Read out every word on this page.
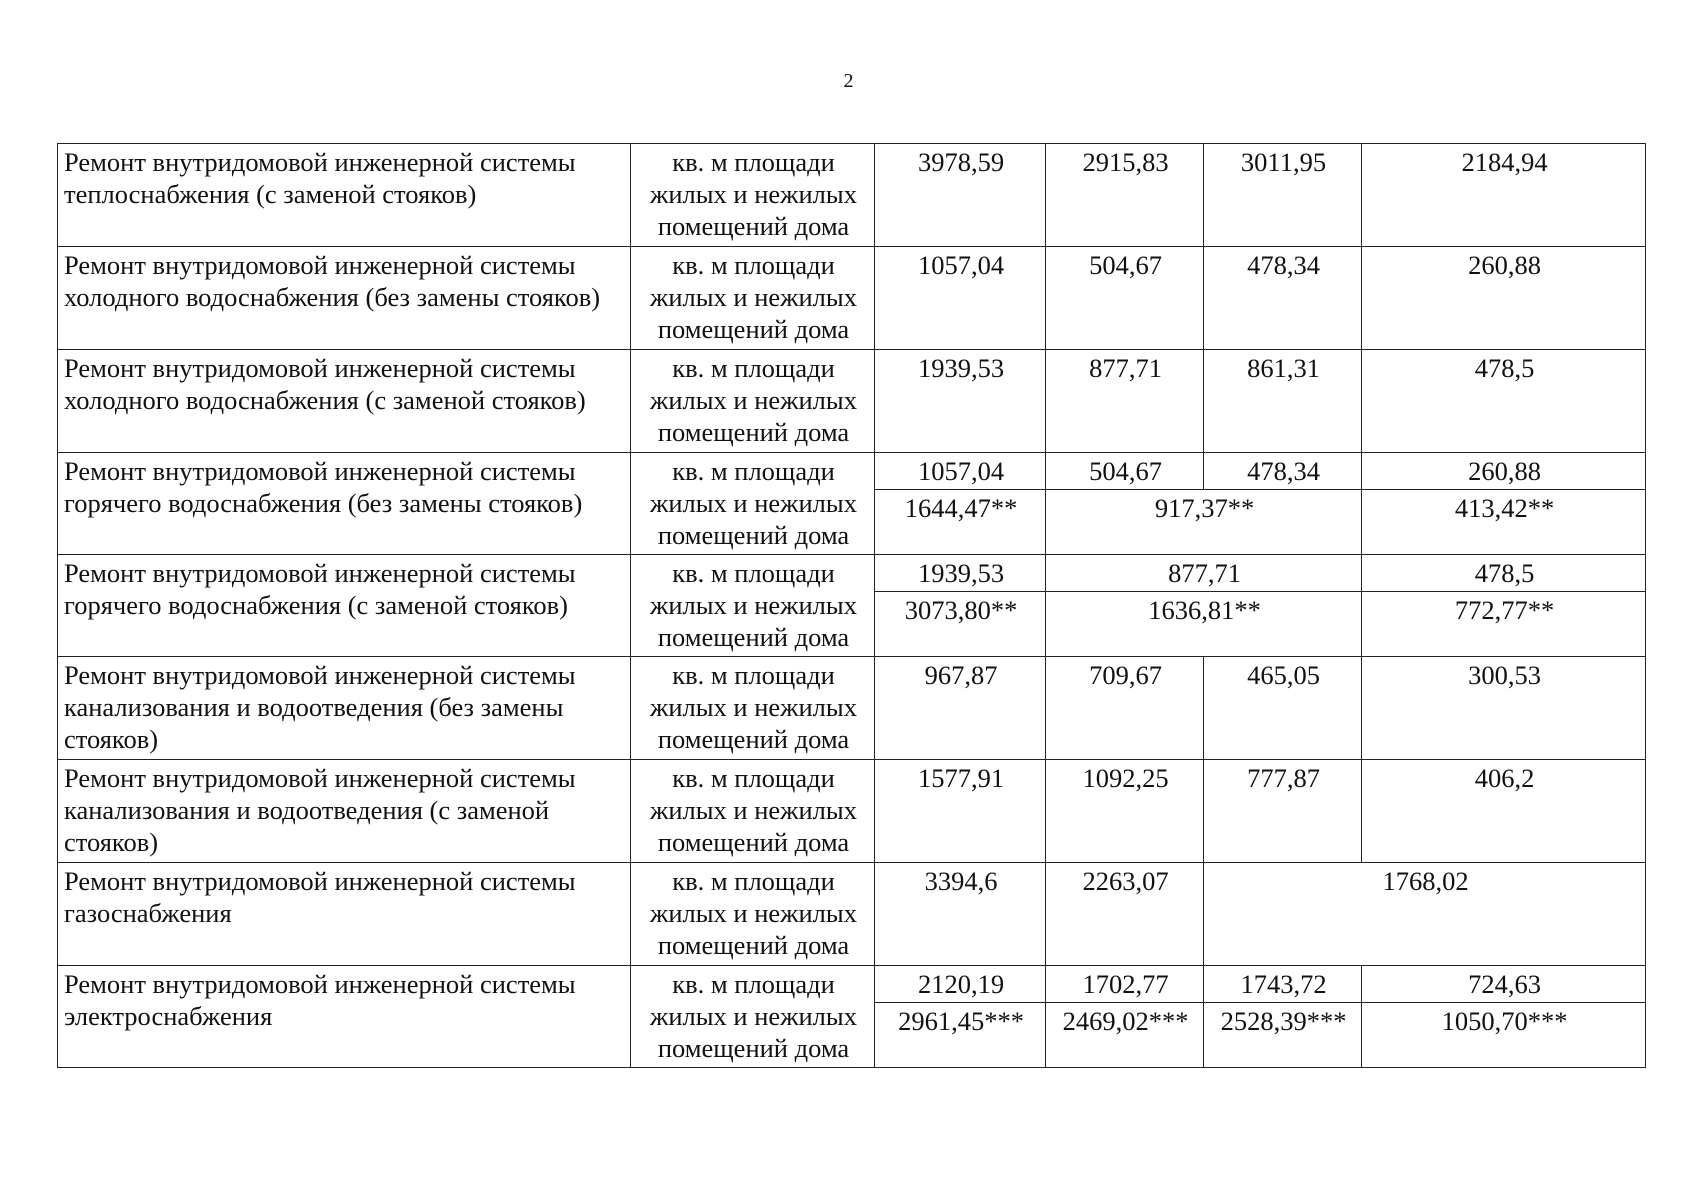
2
Ремонт внутридомовой инженерной системы теплоснабжения (с заменой стояков)	кв. м площади жилых и нежилых помещений дома	3978,59	2915,83	3011,95	2184,94
Ремонт внутридомовой инженерной системы холодного водоснабжения (без замены стояков)	кв. м площади жилых и нежилых помещений дома	1057,04	504,67	478,34	260,88
Ремонт внутридомовой инженерной системы холодного водоснабжения (с заменой стояков)	кв. м площади жилых и нежилых помещений дома	1939,53	877,71	861,31	478,5
Ремонт внутридомовой инженерной системы горячего водоснабжения (без замены стояков)	кв. м площади жилых и нежилых помещений дома	1057,04	504,67	478,34	260,88
		1644,47**	917,37**		413,42**
Ремонт внутридомовой инженерной системы горячего водоснабжения (с заменой стояков)	кв. м площади жилых и нежилых помещений дома	1939,53	877,71		478,5
		3073,80**	1636,81**		772,77**
Ремонт внутридомовой инженерной системы канализования и водоотведения (без замены стояков)	кв. м площади жилых и нежилых помещений дома	967,87	709,67	465,05	300,53
Ремонт внутридомовой инженерной системы канализования и водоотведения (с заменой стояков)	кв. м площади жилых и нежилых помещений дома	1577,91	1092,25	777,87	406,2
Ремонт внутридомовой инженерной системы газоснабжения	кв. м площади жилых и нежилых помещений дома	3394,6	2263,07	1768,02	
Ремонт внутридомовой инженерной системы электроснабжения	кв. м площади жилых и нежилых помещений дома	2120,19	1702,77	1743,72	724,63
		2961,45***	2469,02***	2528,39***	1050,70***
